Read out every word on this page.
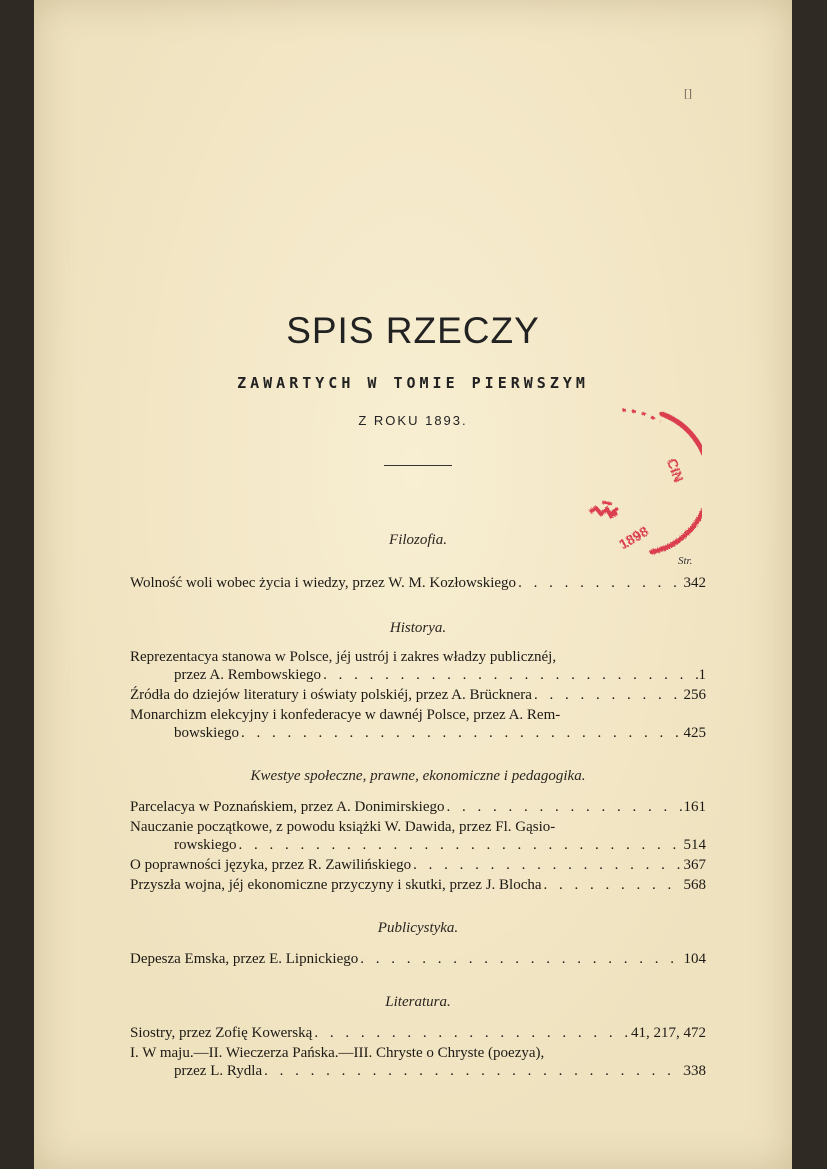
[]
SPIS RZECZY
ZAWARTYCH W TOMIE PIERWSZYM
Z ROKU 1893.
CIN
1898
Filozofia.
Str.
Wolność woli wobec życia i wiedzy, przez W. M. Kozłowskiego . . .	342
Historya.
Reprezentacya stanowa w Polsce, jéj ustrój i zakres władzy publicznéj,
przez A. Rembowskiego . . .	1
Źródła do dziejów literatury i oświaty polskiéj, przez A. Brücknera . . .	256
Monarchizm elekcyjny i konfederacye w dawnéj Polsce, przez A. Rem-
bowskiego . . .	425
Kwestye społeczne, prawne, ekonomiczne i pedagogika.
Parcelacya w Poznańskiem, przez A. Donimirskiego . . .	161
Nauczanie początkowe, z powodu książki W. Dawida, przez Fl. Gąsio-
rowskiego . . .	514
O poprawności języka, przez R. Zawilińskiego . . .	367
Przyszła wojna, jéj ekonomiczne przyczyny i skutki, przez J. Blocha . . .	568
Publicystyka.
Depesza Emska, przez E. Lipnickiego . . .	104
Literatura.
Siostry, przez Zofię Kowerską . . .	41, 217, 472
I. W maju.—II. Wieczerza Pańska.—III. Chryste o Chryste (poezya),
przez L. Rydla . . .	338
